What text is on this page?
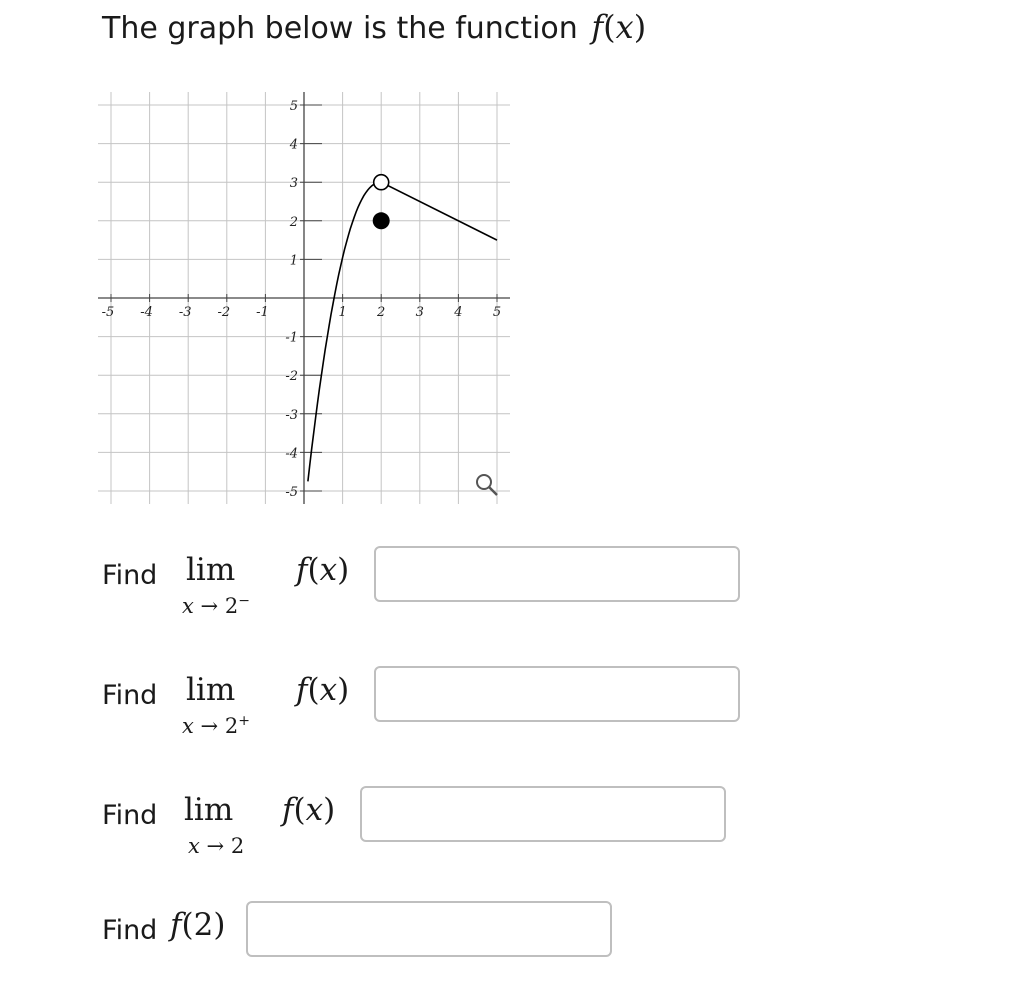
The graph below is the function f(x)
-5 -4 -3 -2 -1	1 2 3 4 5
5
4
3
2
1
-1
-2
-3
-4
-5
Find lim
x → 2−
f(x)
Find lim
x → 2+
f(x)
Find lim
x → 2
f(x)
Find f(2)
